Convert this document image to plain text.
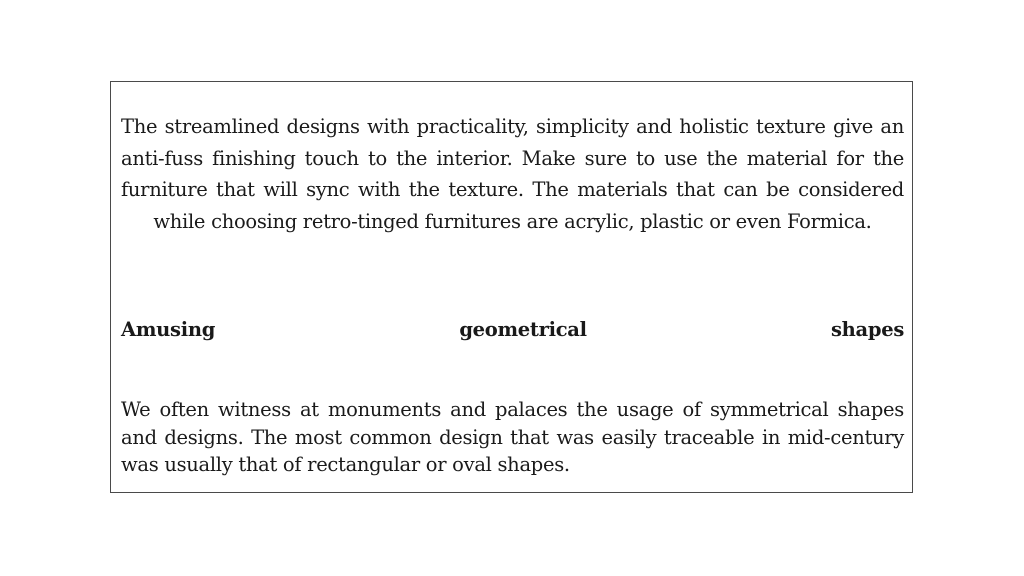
The streamlined designs with practicality, simplicity and holistic texture give an anti-fuss finishing touch to the interior. Make sure to use the material for the furniture that will sync with the texture. The materials that can be considered while choosing retro-tinged furnitures are acrylic, plastic or even Formica.

Amusing geometrical shapes

We often witness at monuments and palaces the usage of symmetrical shapes and designs. The most common design that was easily traceable in mid-century was usually that of rectangular or oval shapes.
